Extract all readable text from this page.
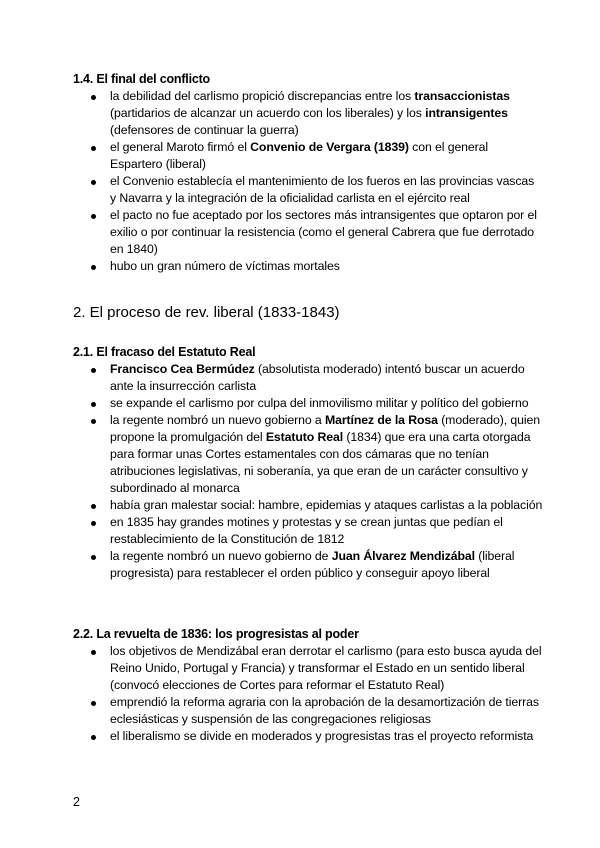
1.4. El final del conflicto
la debilidad del carlismo propició discrepancias entre los transaccionistas (partidarios de alcanzar un acuerdo con los liberales) y los intransigentes (defensores de continuar la guerra)
el general Maroto firmó el Convenio de Vergara (1839) con el general Espartero (liberal)
el Convenio establecía el mantenimiento de los fueros en las provincias vascas y Navarra y la integración de la oficialidad carlista en el ejército real
el pacto no fue aceptado por los sectores más intransigentes que optaron por el exilio o por continuar la resistencia (como el general Cabrera que fue derrotado en 1840)
hubo un gran número de víctimas mortales
2. El proceso de rev. liberal (1833-1843)
2.1. El fracaso del Estatuto Real
Francisco Cea Bermúdez (absolutista moderado) intentó buscar un acuerdo ante la insurrección carlista
se expande el carlismo por culpa del inmovilismo militar y político del gobierno
la regente nombró un nuevo gobierno a Martínez de la Rosa (moderado), quien propone la promulgación del Estatuto Real (1834) que era una carta otorgada para formar unas Cortes estamentales con dos cámaras que no tenían atribuciones legislativas, ni soberanía, ya que eran de un carácter consultivo y subordinado al monarca
había gran malestar social: hambre, epidemias y ataques carlistas a la población
en 1835 hay grandes motines y protestas y se crean juntas que pedían el restablecimiento de la Constitución de 1812
la regente nombró un nuevo gobierno de Juan Álvarez Mendizábal (liberal progresista) para restablecer el orden público y conseguir apoyo liberal
2.2. La revuelta de 1836: los progresistas al poder
los objetivos de Mendizábal eran derrotar el carlismo (para esto busca ayuda del Reino Unido, Portugal y Francia) y transformar el Estado en un sentido liberal (convocó elecciones de Cortes para reformar el Estatuto Real)
emprendió la reforma agraria con la aprobación de la desamortización de tierras eclesiásticas y suspensión de las congregaciones religiosas
el liberalismo se divide en moderados y progresistas tras el proyecto reformista
2
